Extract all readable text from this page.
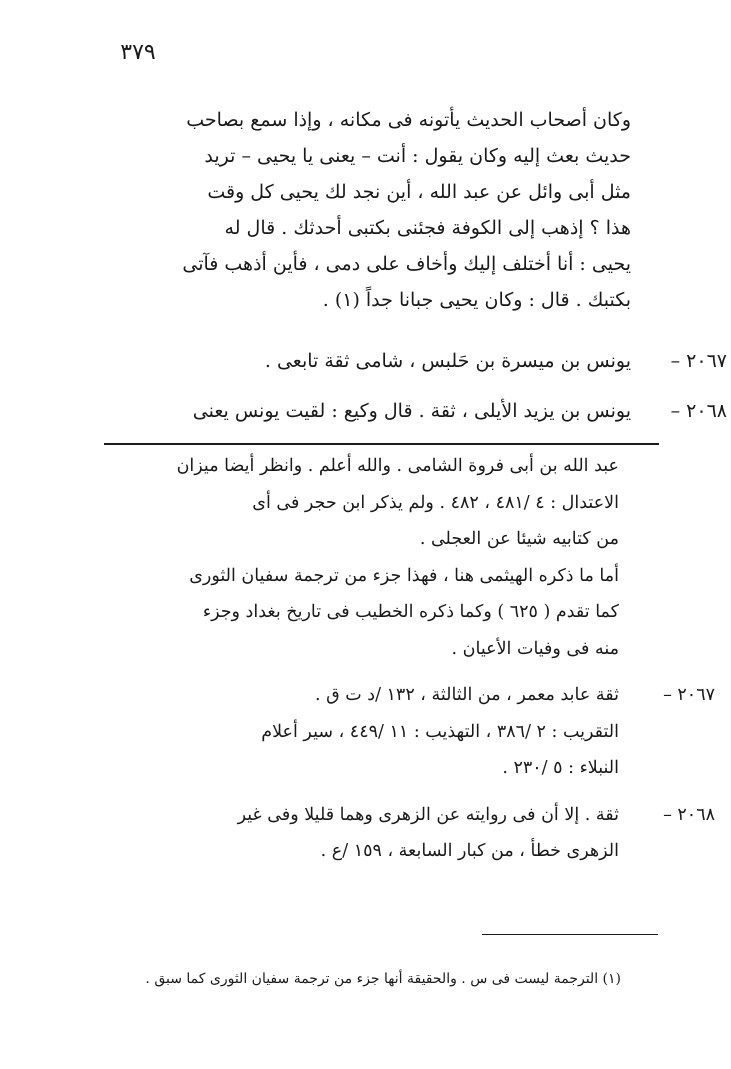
٣٧٩
وكان أصحاب الحديث يأتونه فى مكانه ، وإذا سمع بصاحب
حديث بعث إليه وكان يقول : أنت – يعنى يا يحيى – تريد
مثل أبى وائل عن عبد الله ، أين نجد لك يحيى كل وقت
هذا ؟ إذهب إلى الكوفة فجئنى بكتبى أحدثك . قال له
يحيى : أنا أختلف إليك وأخاف على دمى ، فأين أذهب فآتى
بكتبك . قال : وكان يحيى جبانا جداً (١) .
٢٠٦٧ –
يونس بن ميسرة بن حَلبس ، شامى ثقة تابعى .
٢٠٦٨ –
يونس بن يزيد الأيلى ، ثقة . قال وكيع : لقيت يونس يعنى
عبد الله بن أبى فروة الشامى . والله أعلم . وانظر أيضا ميزان
الاعتدال : ٤ /٤٨١ ، ٤٨٢ . ولم يذكر ابن حجر فى أى
من كتابيه شيئا عن العجلى .
أما ما ذكره الهيثمى هنا ، فهذا جزء من ترجمة سفيان الثورى
كما تقدم ( ٦٢٥ ) وكما ذكره الخطيب فى تاريخ بغداد وجزء
منه فى وفيات الأعيان .
٢٠٦٧ –
ثقة عابد معمر ، من الثالثة ، ١٣٢ /د ت ق .
التقريب : ٢ /٣٨٦ ، التهذيب : ١١ /٤٤٩ ، سير أعلام
النبلاء : ٥ /٢٣٠ .
٢٠٦٨ –
ثقة . إلا أن فى روايته عن الزهرى وهما قليلا وفى غير
الزهرى خطأ ، من كبار السابعة ، ١٥٩ /ع .
(١) الترجمة ليست فى س . والحقيقة أنها جزء من ترجمة سفيان الثورى كما سبق .
